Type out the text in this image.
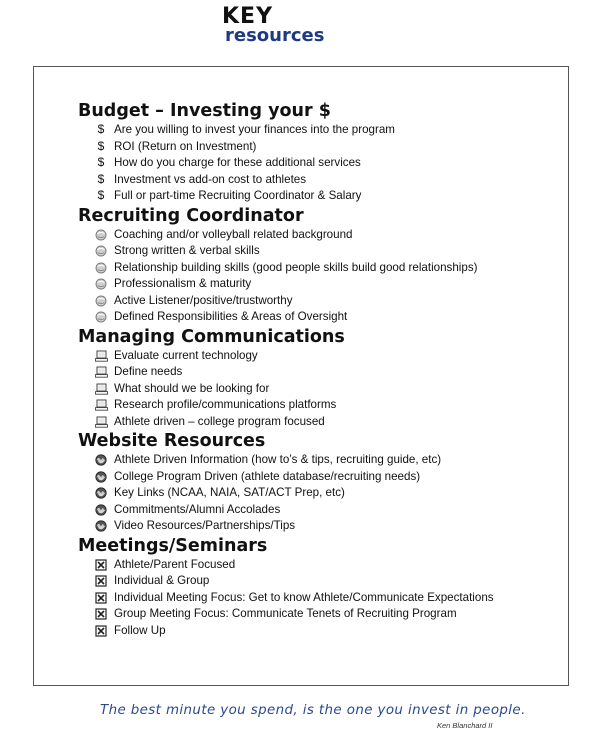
KEY
resources
Budget – Investing your $
$ Are you willing to invest your finances into the program
$ ROI (Return on Investment)
$ How do you charge for these additional services
$ Investment vs add-on cost to athletes
$ Full or part-time Recruiting Coordinator & Salary
Recruiting Coordinator
Coaching and/or volleyball related background
Strong written & verbal skills
Relationship building skills (good people skills build good relationships)
Professionalism & maturity
Active Listener/positive/trustworthy
Defined Responsibilities & Areas of Oversight
Managing Communications
Evaluate current technology
Define needs
What should we be looking for
Research profile/communications platforms
Athlete driven – college program focused
Website Resources
Athlete Driven Information (how to’s & tips, recruiting guide, etc)
College Program Driven (athlete database/recruiting needs)
Key Links (NCAA, NAIA, SAT/ACT Prep, etc)
Commitments/Alumni Accolades
Video Resources/Partnerships/Tips
Meetings/Seminars
Athlete/Parent Focused
Individual & Group
Individual Meeting Focus: Get to know Athlete/Communicate Expectations
Group Meeting Focus: Communicate Tenets of Recruiting Program
Follow Up
The best minute you spend, is the one you invest in people.
Ken Blanchard II
